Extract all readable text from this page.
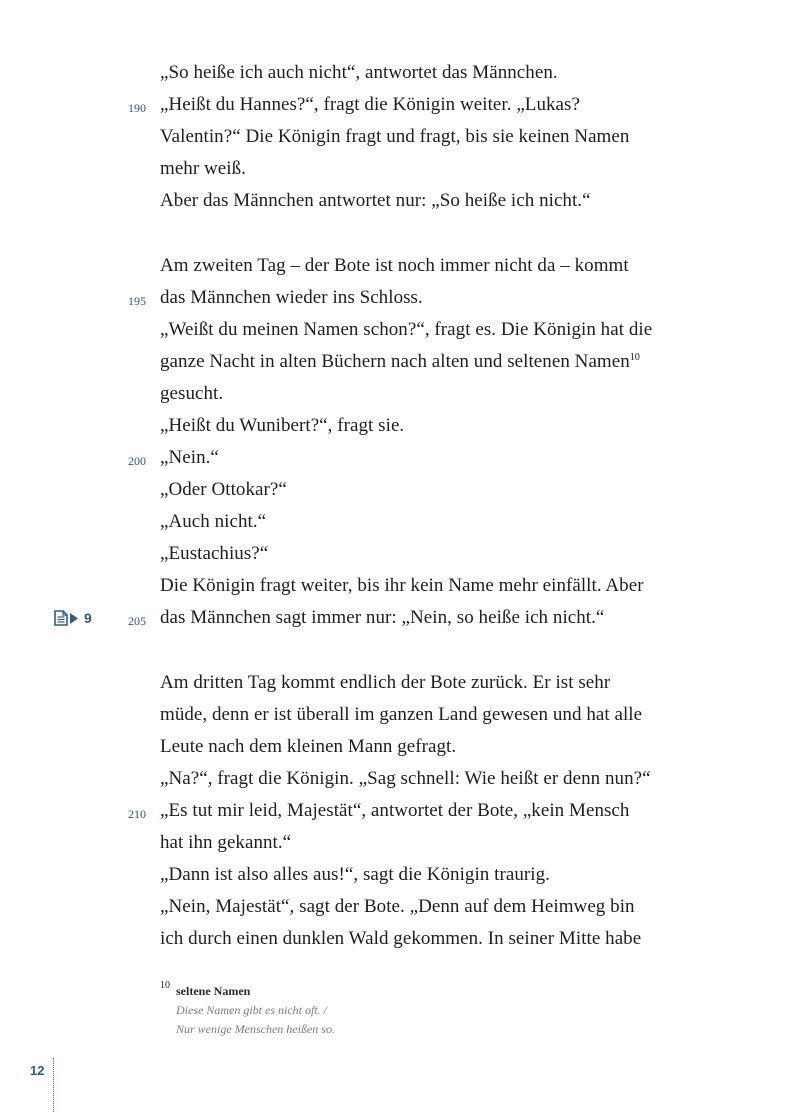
„So heiße ich auch nicht“, antwortet das Männchen.
190 „Heißt du Hannes?“, fragt die Königin weiter. „Lukas?
Valentin?“ Die Königin fragt und fragt, bis sie keinen Namen
mehr weiß.
Aber das Männchen antwortet nur: „So heiße ich nicht.“
Am zweiten Tag – der Bote ist noch immer nicht da – kommt
195 das Männchen wieder ins Schloss.
„Weißt du meinen Namen schon?“, fragt es. Die Königin hat die
ganze Nacht in alten Büchern nach alten und seltenen Namen$^{10}$
gesucht.
„Heißt du Wunibert?“, fragt sie.
200 „Nein.“
„Oder Ottokar?“
„Auch nicht.“
„Eustachius?“
Die Königin fragt weiter, bis ihr kein Name mehr einfällt. Aber
9	205 das Männchen sagt immer nur: „Nein, so heiße ich nicht.“
Am dritten Tag kommt endlich der Bote zurück. Er ist sehr
müde, denn er ist überall im ganzen Land gewesen und hat alle
Leute nach dem kleinen Mann gefragt.
„Na?“, fragt die Königin. „Sag schnell: Wie heißt er denn nun?“
210 „Es tut mir leid, Majestät“, antwortet der Bote, „kein Mensch
hat ihn gekannt.“
„Dann ist also alles aus!“, sagt die Königin traurig.
„Nein, Majestät“, sagt der Bote. „Denn auf dem Heimweg bin
ich durch einen dunklen Wald gekommen. In seiner Mitte habe
10 seltene Namen
Diese Namen gibt es nicht oft. /
Nur wenige Menschen heißen so.
12
